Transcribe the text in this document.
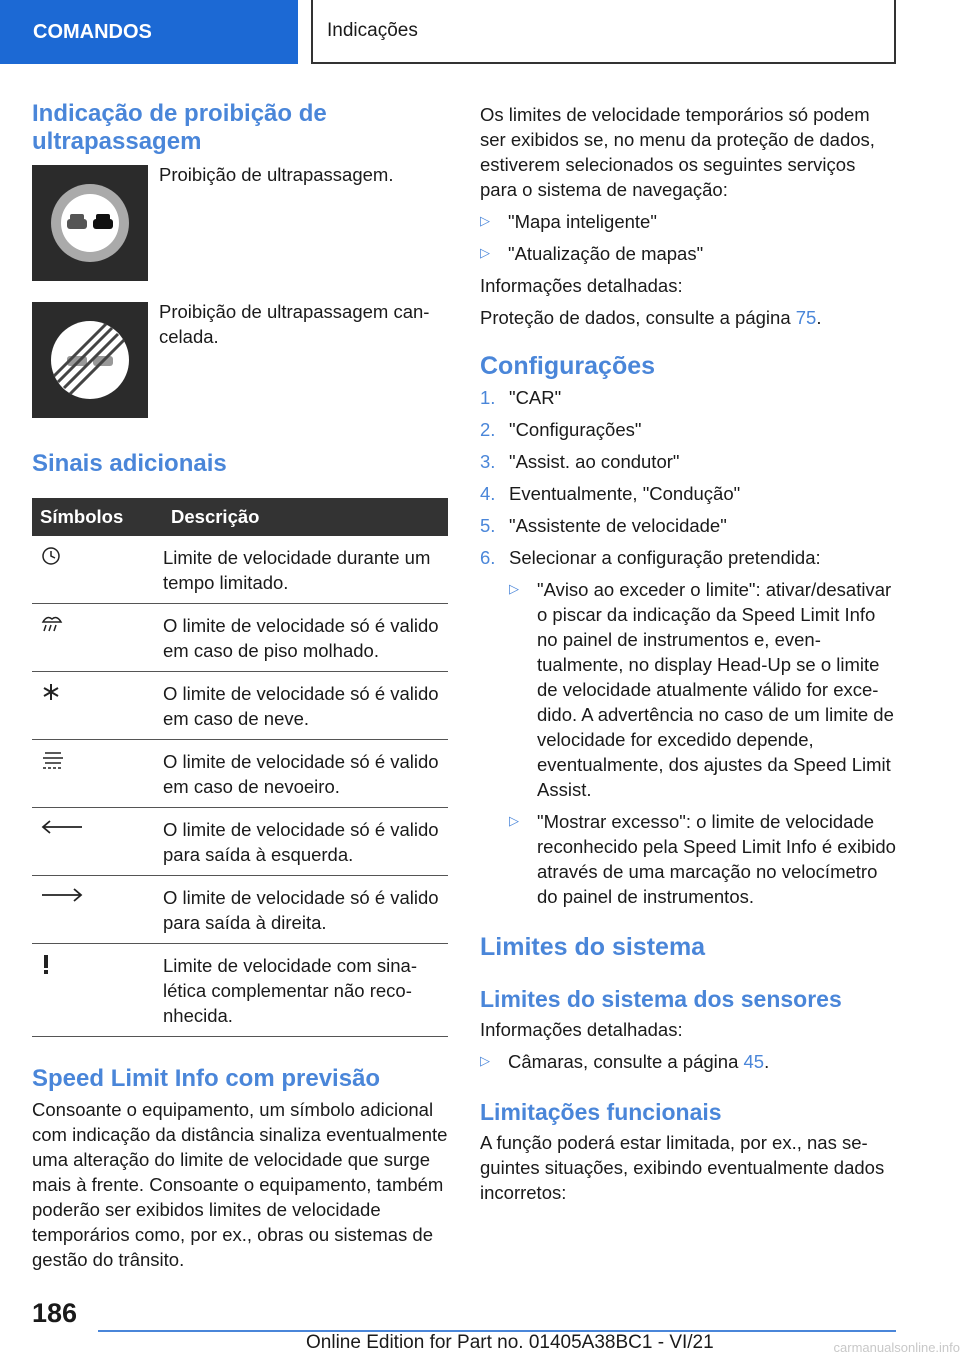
COMANDOS	Indicações
Indicação de proibição de ultrapassagem

Proibição de ultrapassagem.

Proibição de ultrapassagem cancelada.

Sinais adicionais
Símbolos	Descrição

	Limite de velocidade durante um tempo limitado.

	O limite de velocidade só é valido em caso de piso molhado.

	O limite de velocidade só é valido em caso de neve.

	O limite de velocidade só é valido em caso de nevoeiro.

	O limite de velocidade só é valido para saída à esquerda.

	O limite de velocidade só é valido para saída à direita.

	Limite de velocidade com sinalética complementar não reconhecida.
Speed Limit Info com previsão

Consoante o equipamento, um símbolo adicional com indicação da distância sinaliza eventualmente uma alteração do limite de velocidade que surge mais à frente. Consoante o equipamento, também poderão ser exibidos limites de velocidade temporários como, por ex., obras ou sistemas de gestão do trânsito.

Os limites de velocidade temporários só podem ser exibidos se, no menu da proteção de dados, estiverem selecionados os seguintes serviços para o sistema de navegação:

▷ "Mapa inteligente"

▷ "Atualização de mapas"

Informações detalhadas:

Proteção de dados, consulte a página 75.

Configurações
1. "CAR"

2. "Configurações"

3. "Assist. ao condutor"

4. Eventualmente, "Condução"

5. "Assistente de velocidade"

6. Selecionar a configuração pretendida:

▷ "Aviso ao exceder o limite": ativar/desativar o piscar da indicação da Speed Limit Info no painel de instrumentos e, eventualmente, no display Head-Up se o limite de velocidade atualmente válido for excedido. A advertência no caso de um limite de velocidade for excedido depende, eventualmente, dos ajustes da Speed Limit Assist.

▷ "Mostrar excesso": o limite de velocidade reconhecido pela Speed Limit Info é exibido através de uma marcação no velocímetro do painel de instrumentos.

Limites do sistema
Limites do sistema dos sensores

Informações detalhadas:

▷ Câmaras, consulte a página 45.

Limitações funcionais

A função poderá estar limitada, por ex., nas seguintes situações, exibindo eventualmente dados incorretos:

186
Online Edition for Part no. 01405A38BC1 - VI/21	carmanualsonline.info
